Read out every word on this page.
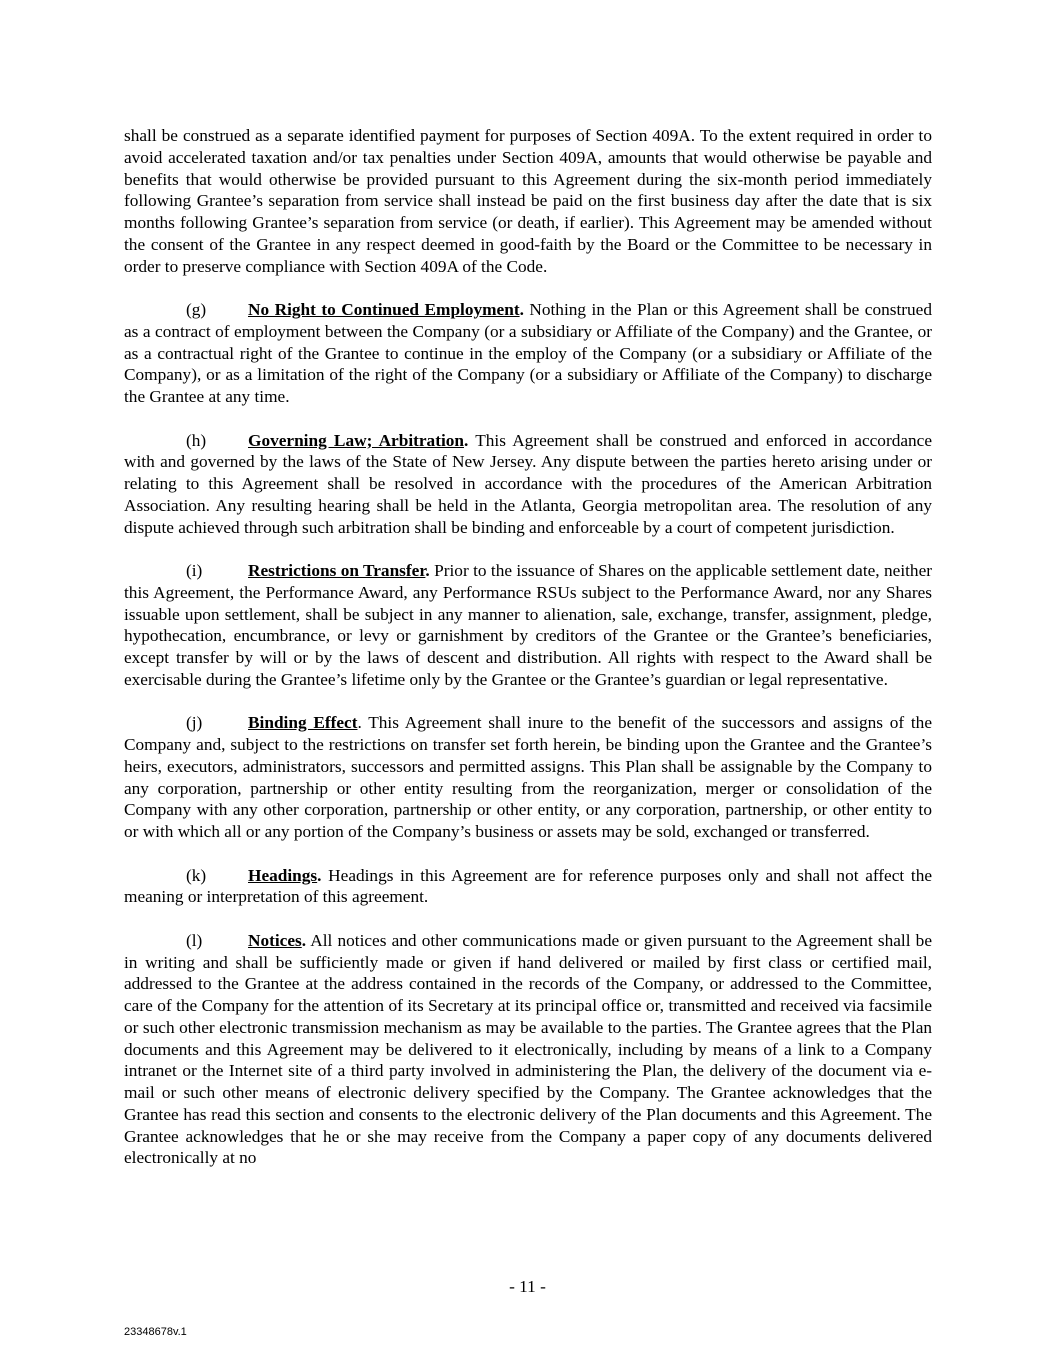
shall be construed as a separate identified payment for purposes of Section 409A. To the extent required in order to avoid accelerated taxation and/or tax penalties under Section 409A, amounts that would otherwise be payable and benefits that would otherwise be provided pursuant to this Agreement during the six-month period immediately following Grantee’s separation from service shall instead be paid on the first business day after the date that is six months following Grantee’s separation from service (or death, if earlier). This Agreement may be amended without the consent of the Grantee in any respect deemed in good-faith by the Board or the Committee to be necessary in order to preserve compliance with Section 409A of the Code.

(g) No Right to Continued Employment. Nothing in the Plan or this Agreement shall be construed as a contract of employment between the Company (or a subsidiary or Affiliate of the Company) and the Grantee, or as a contractual right of the Grantee to continue in the employ of the Company (or a subsidiary or Affiliate of the Company), or as a limitation of the right of the Company (or a subsidiary or Affiliate of the Company) to discharge the Grantee at any time.

(h) Governing Law; Arbitration. This Agreement shall be construed and enforced in accordance with and governed by the laws of the State of New Jersey. Any dispute between the parties hereto arising under or relating to this Agreement shall be resolved in accordance with the procedures of the American Arbitration Association. Any resulting hearing shall be held in the Atlanta, Georgia metropolitan area. The resolution of any dispute achieved through such arbitration shall be binding and enforceable by a court of competent jurisdiction.

(i)	Restrictions on Transfer. Prior to the issuance of Shares on the applicable settlement date, neither this Agreement, the Performance Award, any Performance RSUs subject to the Performance Award, nor any Shares issuable upon settlement, shall be subject in any manner to alienation, sale, exchange, transfer, assignment, pledge, hypothecation, encumbrance, or levy or garnishment by creditors of the Grantee or the Grantee’s beneficiaries, except transfer by will or by the laws of descent and distribution. All rights with respect to the Award shall be exercisable during the Grantee’s lifetime only by the Grantee or the Grantee’s guardian or legal representative.

(j)	Binding Effect. This Agreement shall inure to the benefit of the successors and assigns of the Company and, subject to the restrictions on transfer set forth herein, be binding upon the Grantee and the Grantee’s heirs, executors, administrators, successors and permitted assigns. This Plan shall be assignable by the Company to any corporation, partnership or other entity resulting from the reorganization, merger or consolidation of the Company with any other corporation, partnership or other entity, or any corporation, partnership, or other entity to or with which all or any portion of the Company’s business or assets may be sold, exchanged or transferred.

(k) Headings. Headings in this Agreement are for reference purposes only and shall not affect the meaning or interpretation of this agreement.

(l)	Notices. All notices and other communications made or given pursuant to the Agreement shall be in writing and shall be sufficiently made or given if hand delivered or mailed by first class or certified mail, addressed to the Grantee at the address contained in the records of the Company, or addressed to the Committee, care of the Company for the attention of its Secretary at its principal office or, transmitted and received via facsimile or such other electronic transmission mechanism as may be available to the parties. The Grantee agrees that the Plan documents and this Agreement may be delivered to it electronically, including by means of a link to a Company intranet or the Internet site of a third party involved in administering the Plan, the delivery of the document via e-mail or such other means of electronic delivery specified by the Company. The Grantee acknowledges that the Grantee has read this section and consents to the electronic delivery of the Plan documents and this Agreement. The Grantee acknowledges that he or she may receive from the Company a paper copy of any documents delivered electronically at no

- 11 -
23348678v.1
